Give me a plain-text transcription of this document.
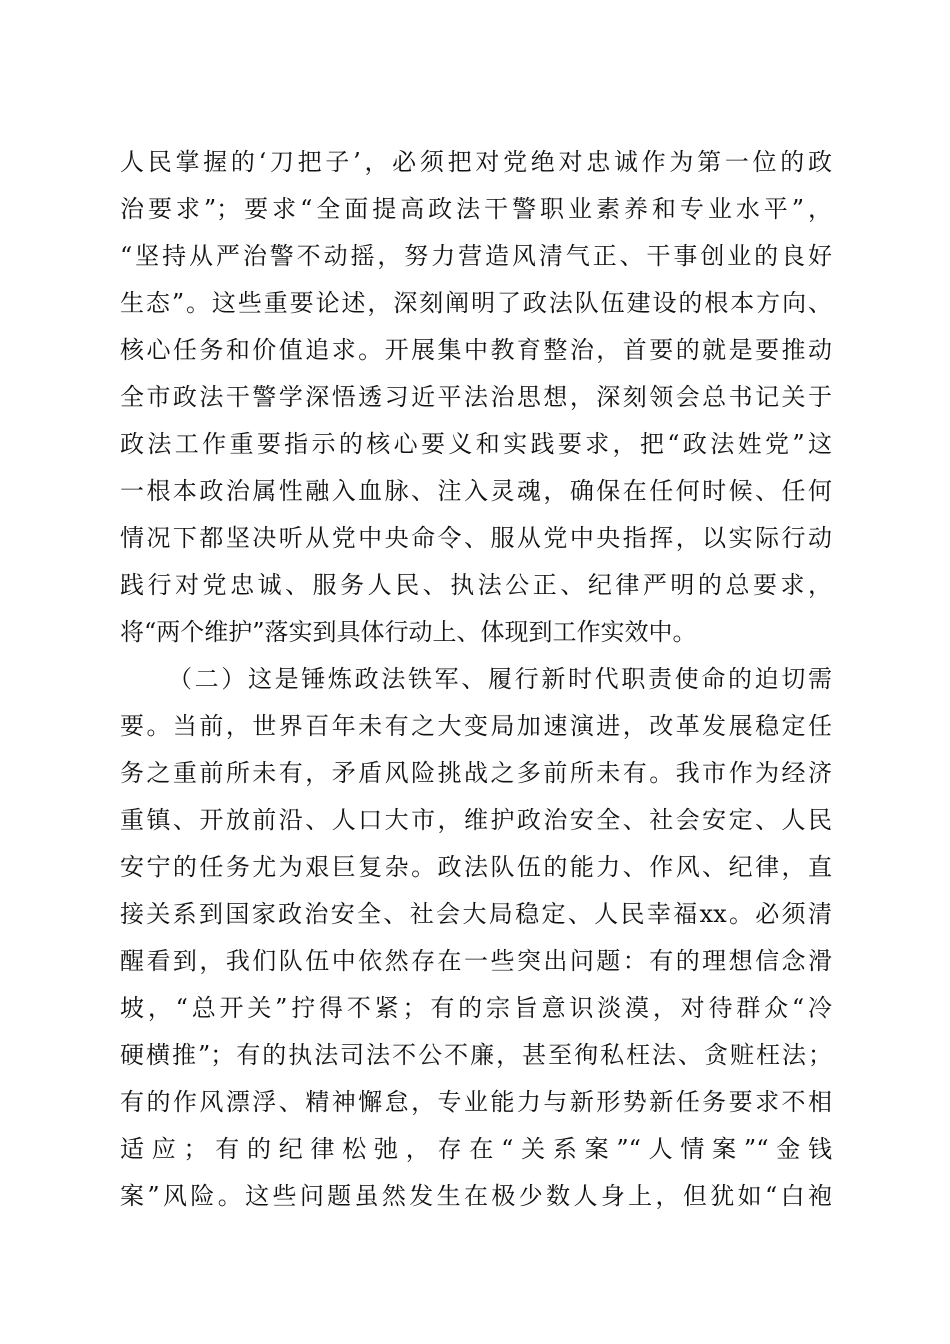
人民掌握的‘刀把子’，必须把对党绝对忠诚作为第一位的政
治要求”；要求“全面提高政法干警职业素养和专业水平”，
“坚持从严治警不动摇，努力营造风清气正、干事创业的良好
生态”。这些重要论述，深刻阐明了政法队伍建设的根本方向、
核心任务和价值追求。开展集中教育整治，首要的就是要推动
全市政法干警学深悟透习近平法治思想，深刻领会总书记关于
政法工作重要指示的核心要义和实践要求，把“政法姓党”这
一根本政治属性融入血脉、注入灵魂，确保在任何时候、任何
情况下都坚决听从党中央命令、服从党中央指挥，以实际行动
践行对党忠诚、服务人民、执法公正、纪律严明的总要求，
将“两个维护”落实到具体行动上、体现到工作实效中。
（二）这是锤炼政法铁军、履行新时代职责使命的迫切需
要。当前，世界百年未有之大变局加速演进，改革发展稳定任
务之重前所未有，矛盾风险挑战之多前所未有。我市作为经济
重镇、开放前沿、人口大市，维护政治安全、社会安定、人民
安宁的任务尤为艰巨复杂。政法队伍的能力、作风、纪律，直
接关系到国家政治安全、社会大局稳定、人民幸福xx。必须清
醒看到，我们队伍中依然存在一些突出问题：有的理想信念滑
坡，“总开关”拧得不紧；有的宗旨意识淡漠，对待群众“冷
硬横推”；有的执法司法不公不廉，甚至徇私枉法、贪赃枉法；
有的作风漂浮、精神懈怠，专业能力与新形势新任务要求不相
适应；有的纪律松弛，存在“关系案”“人情案”“金钱
案”风险。这些问题虽然发生在极少数人身上，但犹如“白袍
